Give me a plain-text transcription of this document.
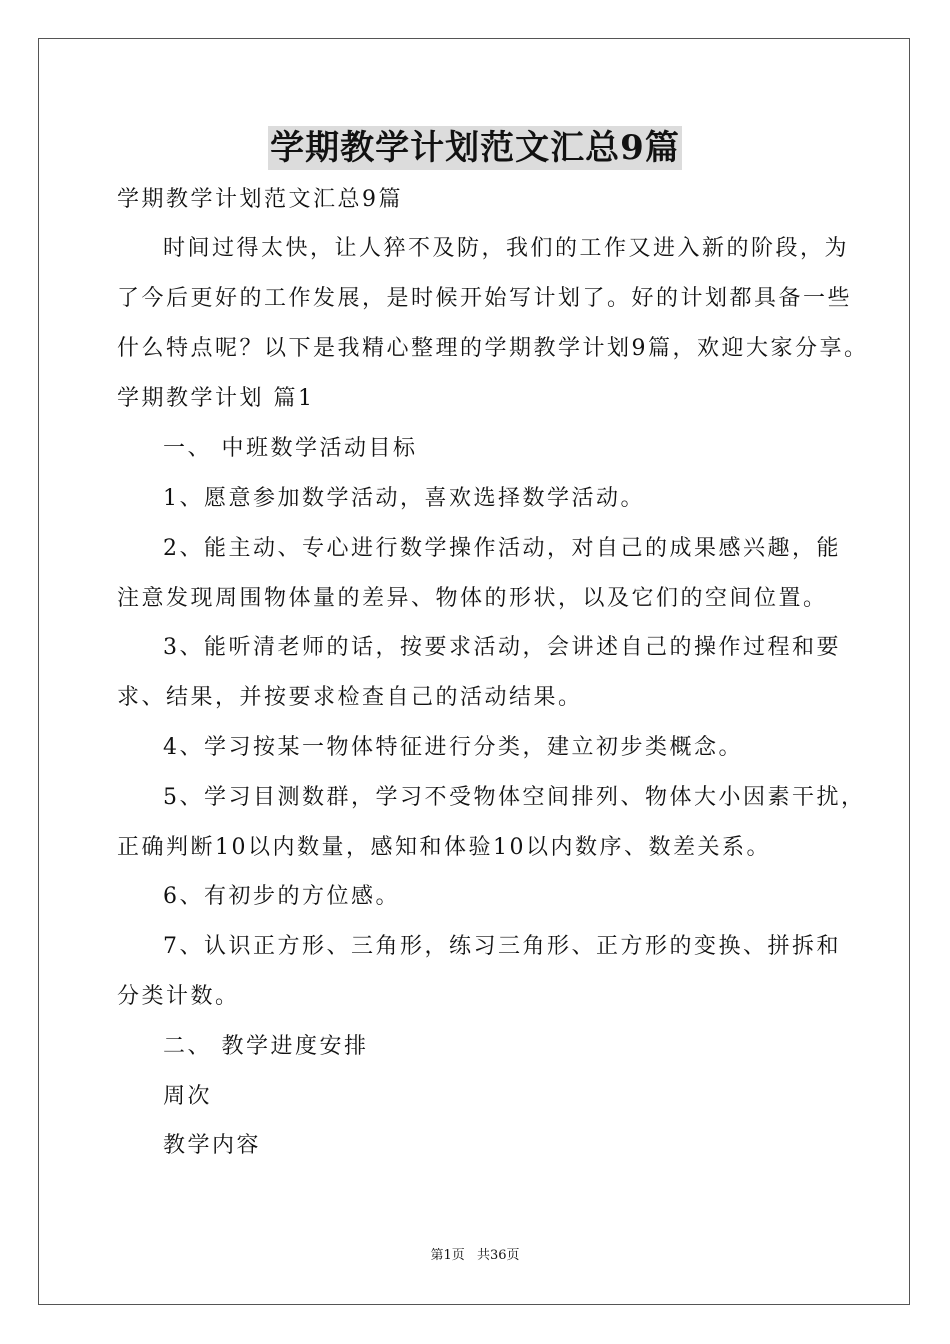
学期教学计划范文汇总9篇
学期教学计划范文汇总9篇
时间过得太快，让人猝不及防，我们的工作又进入新的阶段，为
了今后更好的工作发展，是时候开始写计划了。好的计划都具备一些
什么特点呢？以下是我精心整理的学期教学计划9篇，欢迎大家分享。
学期教学计划 篇1
一、 中班数学活动目标
1、愿意参加数学活动，喜欢选择数学活动。
2、能主动、专心进行数学操作活动，对自己的成果感兴趣，能
注意发现周围物体量的差异、物体的形状，以及它们的空间位置。
3、能听清老师的话，按要求活动，会讲述自己的操作过程和要
求、结果，并按要求检查自己的活动结果。
4、学习按某一物体特征进行分类，建立初步类概念。
5、学习目测数群，学习不受物体空间排列、物体大小因素干扰，
正确判断10以内数量，感知和体验10以内数序、数差关系。
6、有初步的方位感。
7、认识正方形、三角形，练习三角形、正方形的变换、拼拆和
分类计数。
二、 教学进度安排
周次
教学内容
第1页 共36页
